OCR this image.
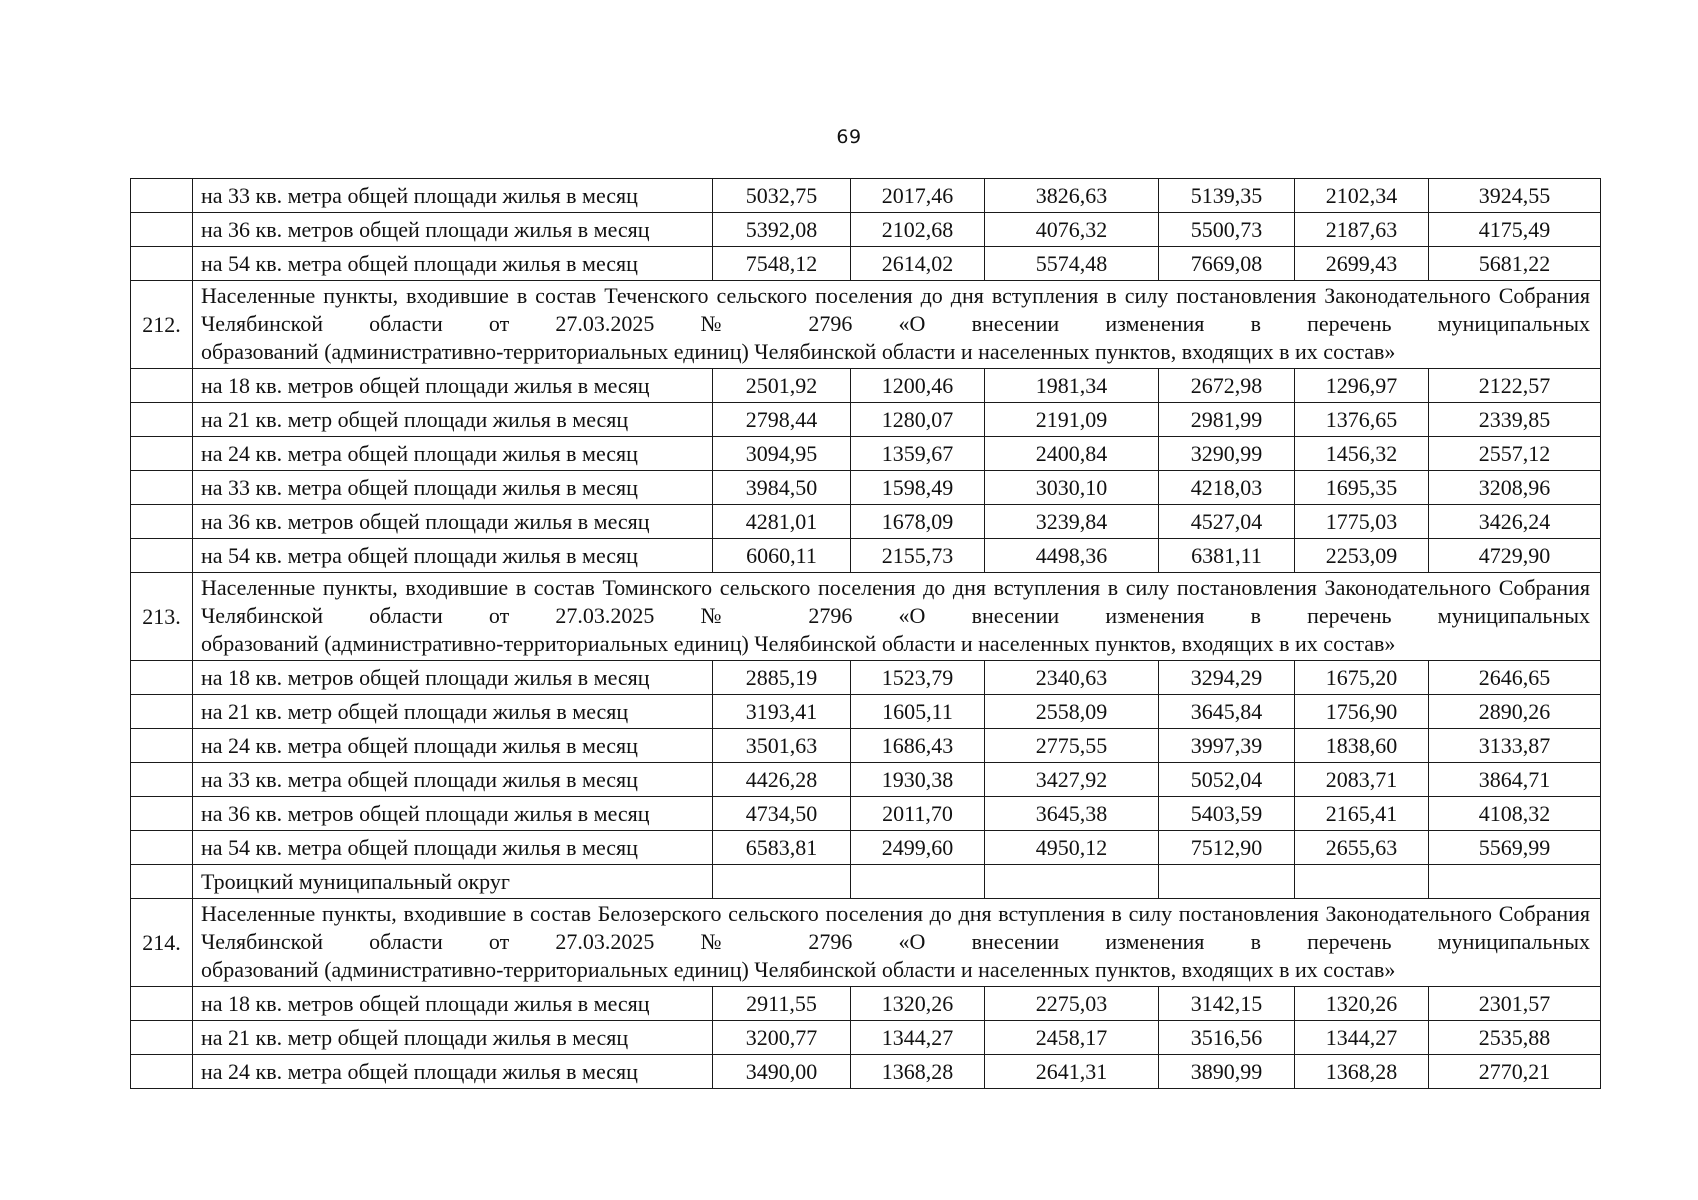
69
	на 33 кв. метра общей площади жилья в месяц	5032,75	2017,46	3826,63	5139,35	2102,34	3924,55
	на 36 кв. метров общей площади жилья в месяц	5392,08	2102,68	4076,32	5500,73	2187,63	4175,49
	на 54 кв. метра общей площади жилья в месяц	7548,12	2614,02	5574,48	7669,08	2699,43	5681,22
212.	Населенные пункты, входившие в состав Теченского сельского поселения до дня вступления в силу постановления Законодательного Собрания Челябинской области от 27.03.2025 № 2796 «О внесении изменения в перечень муниципальных
образований (административно-территориальных единиц) Челябинской области и населенных пунктов, входящих в их состав»						

	на 18 кв. метров общей площади жилья в месяц	2501,92	1200,46	1981,34	2672,98	1296,97	2122,57
	на 21 кв. метр общей площади жилья в месяц	2798,44	1280,07	2191,09	2981,99	1376,65	2339,85
	на 24 кв. метра общей площади жилья в месяц	3094,95	1359,67	2400,84	3290,99	1456,32	2557,12
	на 33 кв. метра общей площади жилья в месяц	3984,50	1598,49	3030,10	4218,03	1695,35	3208,96
	на 36 кв. метров общей площади жилья в месяц	4281,01	1678,09	3239,84	4527,04	1775,03	3426,24
	на 54 кв. метра общей площади жилья в месяц	6060,11	2155,73	4498,36	6381,11	2253,09	4729,90
213.	Населенные пункты, входившие в состав Томинского сельского поселения до дня вступления в силу постановления Законодательного Собрания Челябинской области от 27.03.2025 № 2796 «О внесении изменения в перечень муниципальных
образований (административно-территориальных единиц) Челябинской области и населенных пунктов, входящих в их состав»						

	на 18 кв. метров общей площади жилья в месяц	2885,19	1523,79	2340,63	3294,29	1675,20	2646,65
	на 21 кв. метр общей площади жилья в месяц	3193,41	1605,11	2558,09	3645,84	1756,90	2890,26
	на 24 кв. метра общей площади жилья в месяц	3501,63	1686,43	2775,55	3997,39	1838,60	3133,87
	на 33 кв. метра общей площади жилья в месяц	4426,28	1930,38	3427,92	5052,04	2083,71	3864,71
	на 36 кв. метров общей площади жилья в месяц	4734,50	2011,70	3645,38	5403,59	2165,41	4108,32
	на 54 кв. метра общей площади жилья в месяц	6583,81	2499,60	4950,12	7512,90	2655,63	5569,99
	Троицкий муниципальный округ						
214.	Населенные пункты, входившие в состав Белозерского сельского поселения до дня вступления в силу постановления Законодательного Собрания Челябинской области от 27.03.2025 № 2796 «О внесении изменения в перечень муниципальных
образований (административно-территориальных единиц) Челябинской области и населенных пунктов, входящих в их состав»						

	на 18 кв. метров общей площади жилья в месяц	2911,55	1320,26	2275,03	3142,15	1320,26	2301,57
	на 21 кв. метр общей площади жилья в месяц	3200,77	1344,27	2458,17	3516,56	1344,27	2535,88
	на 24 кв. метра общей площади жилья в месяц	3490,00	1368,28	2641,31	3890,99	1368,28	2770,21
